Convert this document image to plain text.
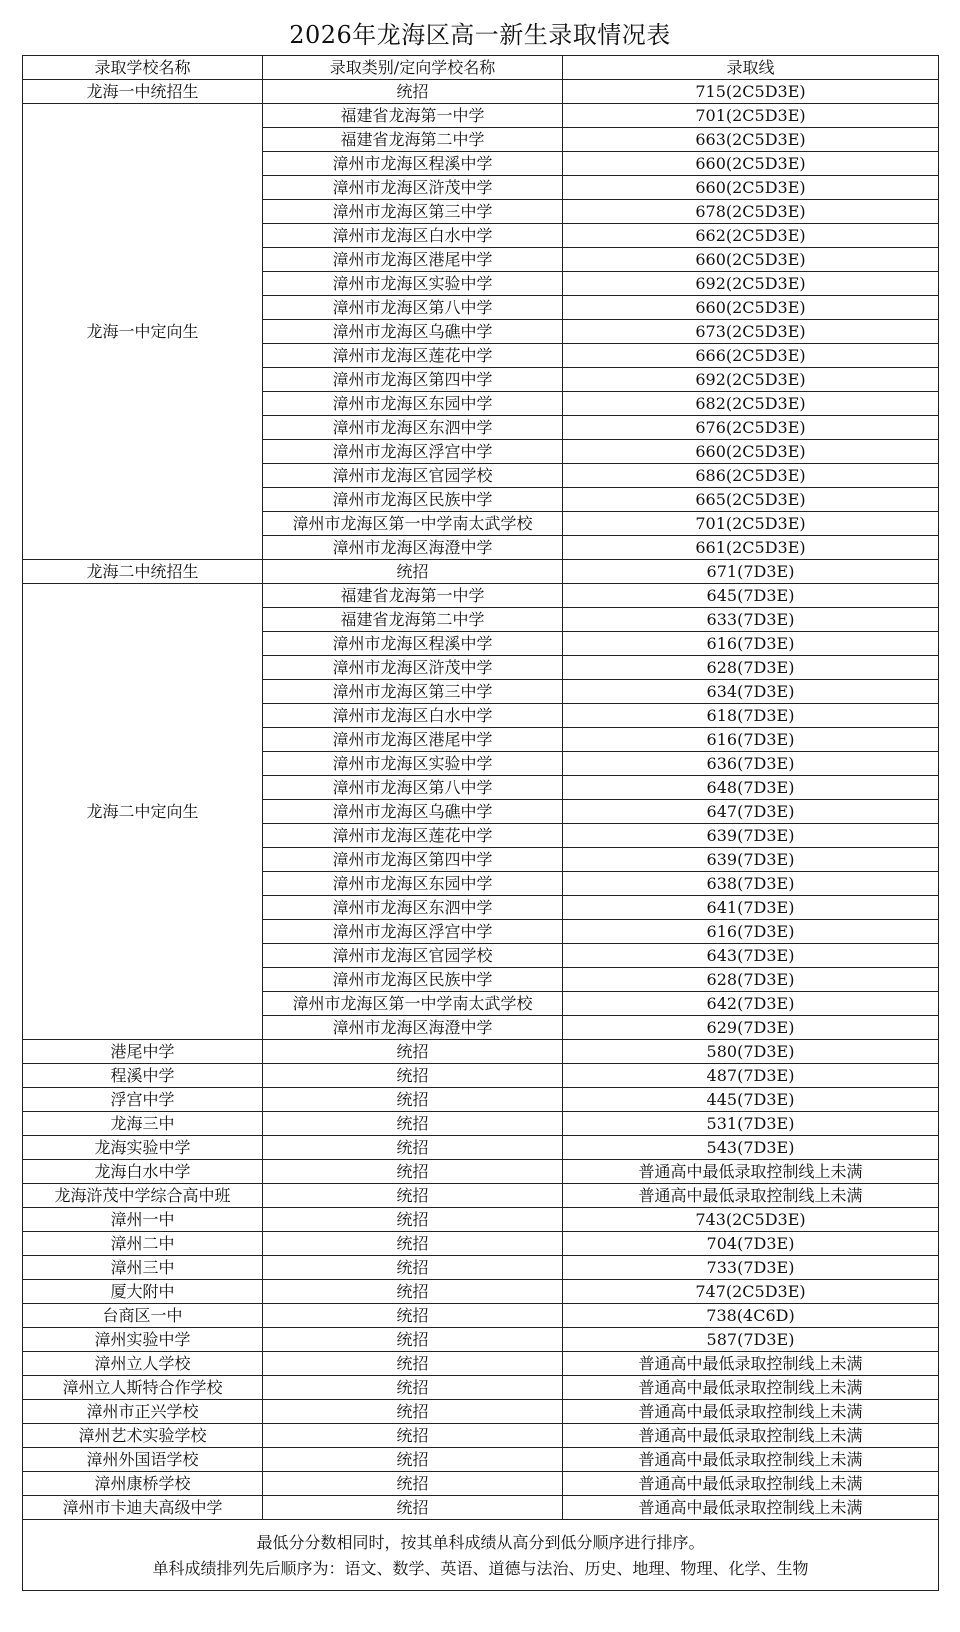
2026年龙海区高一新生录取情况表
录取学校名称	录取类别/定向学校名称	录取线
龙海一中统招生	统招	715(2C5D3E)
龙海一中定向生	福建省龙海第一中学	701(2C5D3E)
	福建省龙海第二中学	663(2C5D3E)
	漳州市龙海区程溪中学	660(2C5D3E)
	漳州市龙海区浒茂中学	660(2C5D3E)
	漳州市龙海区第三中学	678(2C5D3E)
	漳州市龙海区白水中学	662(2C5D3E)
	漳州市龙海区港尾中学	660(2C5D3E)
	漳州市龙海区实验中学	692(2C5D3E)
	漳州市龙海区第八中学	660(2C5D3E)
	漳州市龙海区乌礁中学	673(2C5D3E)
	漳州市龙海区莲花中学	666(2C5D3E)
	漳州市龙海区第四中学	692(2C5D3E)
	漳州市龙海区东园中学	682(2C5D3E)
	漳州市龙海区东泗中学	676(2C5D3E)
	漳州市龙海区浮宫中学	660(2C5D3E)
	漳州市龙海区官园学校	686(2C5D3E)
	漳州市龙海区民族中学	665(2C5D3E)
	漳州市龙海区第一中学南太武学校	701(2C5D3E)
	漳州市龙海区海澄中学	661(2C5D3E)
龙海二中统招生	统招	671(7D3E)
龙海二中定向生	福建省龙海第一中学	645(7D3E)
	福建省龙海第二中学	633(7D3E)
	漳州市龙海区程溪中学	616(7D3E)
	漳州市龙海区浒茂中学	628(7D3E)
	漳州市龙海区第三中学	634(7D3E)
	漳州市龙海区白水中学	618(7D3E)
	漳州市龙海区港尾中学	616(7D3E)
	漳州市龙海区实验中学	636(7D3E)
	漳州市龙海区第八中学	648(7D3E)
	漳州市龙海区乌礁中学	647(7D3E)
	漳州市龙海区莲花中学	639(7D3E)
	漳州市龙海区第四中学	639(7D3E)
	漳州市龙海区东园中学	638(7D3E)
	漳州市龙海区东泗中学	641(7D3E)
	漳州市龙海区浮宫中学	616(7D3E)
	漳州市龙海区官园学校	643(7D3E)
	漳州市龙海区民族中学	628(7D3E)
	漳州市龙海区第一中学南太武学校	642(7D3E)
	漳州市龙海区海澄中学	629(7D3E)
港尾中学	统招	580(7D3E)
程溪中学	统招	487(7D3E)
浮宫中学	统招	445(7D3E)
龙海三中	统招	531(7D3E)
龙海实验中学	统招	543(7D3E)
龙海白水中学	统招	普通高中最低录取控制线上未满
龙海浒茂中学综合高中班	统招	普通高中最低录取控制线上未满
漳州一中	统招	743(2C5D3E)
漳州二中	统招	704(7D3E)
漳州三中	统招	733(7D3E)
厦大附中	统招	747(2C5D3E)
台商区一中	统招	738(4C6D)
漳州实验中学	统招	587(7D3E)
漳州立人学校	统招	普通高中最低录取控制线上未满
漳州立人斯特合作学校	统招	普通高中最低录取控制线上未满
漳州市正兴学校	统招	普通高中最低录取控制线上未满
漳州艺术实验学校	统招	普通高中最低录取控制线上未满
漳州外国语学校	统招	普通高中最低录取控制线上未满
漳州康桥学校	统招	普通高中最低录取控制线上未满
漳州市卡迪夫高级中学	统招	普通高中最低录取控制线上未满

最低分分数相同时，按其单科成绩从高分到低分顺序进行排序。
单科成绩排列先后顺序为：语文、数学、英语、道德与法治、历史、地理、物理、化学、生物		
